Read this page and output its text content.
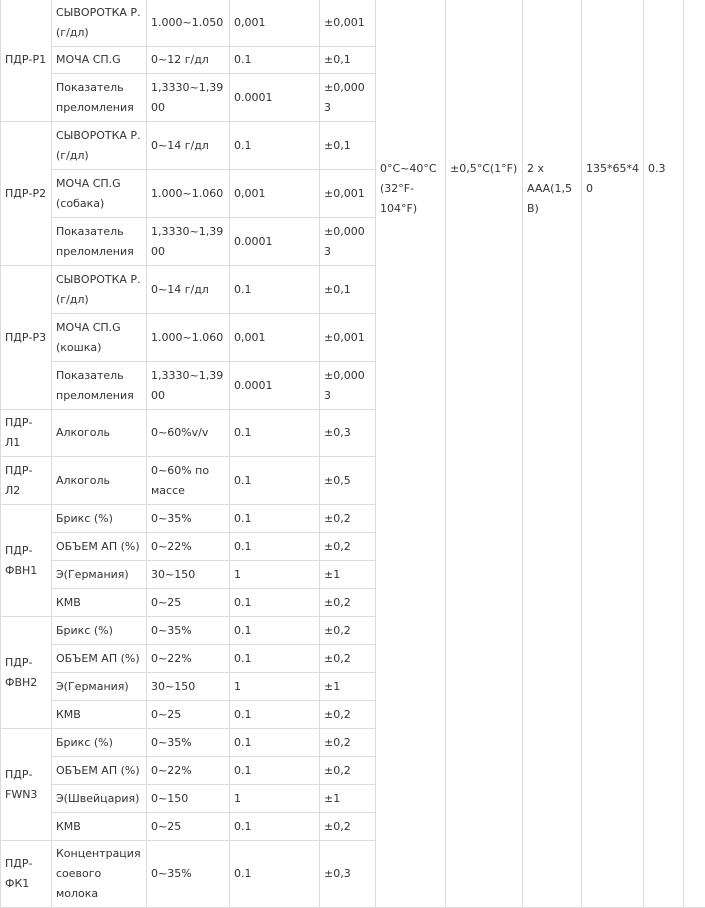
ПДР-Р1	СЫВОРОТКА Р. (г/дл)	1.000~1.050	0,001	±0,001	0°C~40°C (32°F-104°F)	±0,5°C(1°F)	2 x AAA(1,5 В)	135*65*40	0.3		
	МОЧА СП.G	0~12 г/дл	0.1	±0,1							
	Показатель преломления	1,3330~1,3900	0.0001	±0,0003							
ПДР-Р2	СЫВОРОТКА Р. (г/дл)	0~14 г/дл	0.1	±0,1							
	МОЧА СП.G (собака)	1.000~1.060	0,001	±0,001							
	Показатель преломления	1,3330~1,3900	0.0001	±0,0003							
ПДР-Р3	СЫВОРОТКА Р. (г/дл)	0~14 г/дл	0.1	±0,1							
	МОЧА СП.G (кошка)	1.000~1.060	0,001	±0,001							
	Показатель преломления	1,3330~1,3900	0.0001	±0,0003							
ПДР-Л1	Алкоголь	0~60%v/v	0.1	±0,3							
ПДР-Л2	Алкоголь	0~60% по массе	0.1	±0,5							
ПДР-ФВН1	Брикс (%)	0~35%	0.1	±0,2							
	ОБЪЕМ АП (%)	0~22%	0.1	±0,2							
	Э(Германия)	30~150	1	±1							
	КМВ	0~25	0.1	±0,2							
ПДР-ФВН2	Брикс (%)	0~35%	0.1	±0,2							
	ОБЪЕМ АП (%)	0~22%	0.1	±0,2							
	Э(Германия)	30~150	1	±1							
	КМВ	0~25	0.1	±0,2							
ПДР-FWN3	Брикс (%)	0~35%	0.1	±0,2							
	ОБЪЕМ АП (%)	0~22%	0.1	±0,2							
	Э(Швейцария)	0~150	1	±1							
	КМВ	0~25	0.1	±0,2							
ПДР-ФК1	Концентрация соевого молока	0~35%	0.1	±0,3							
